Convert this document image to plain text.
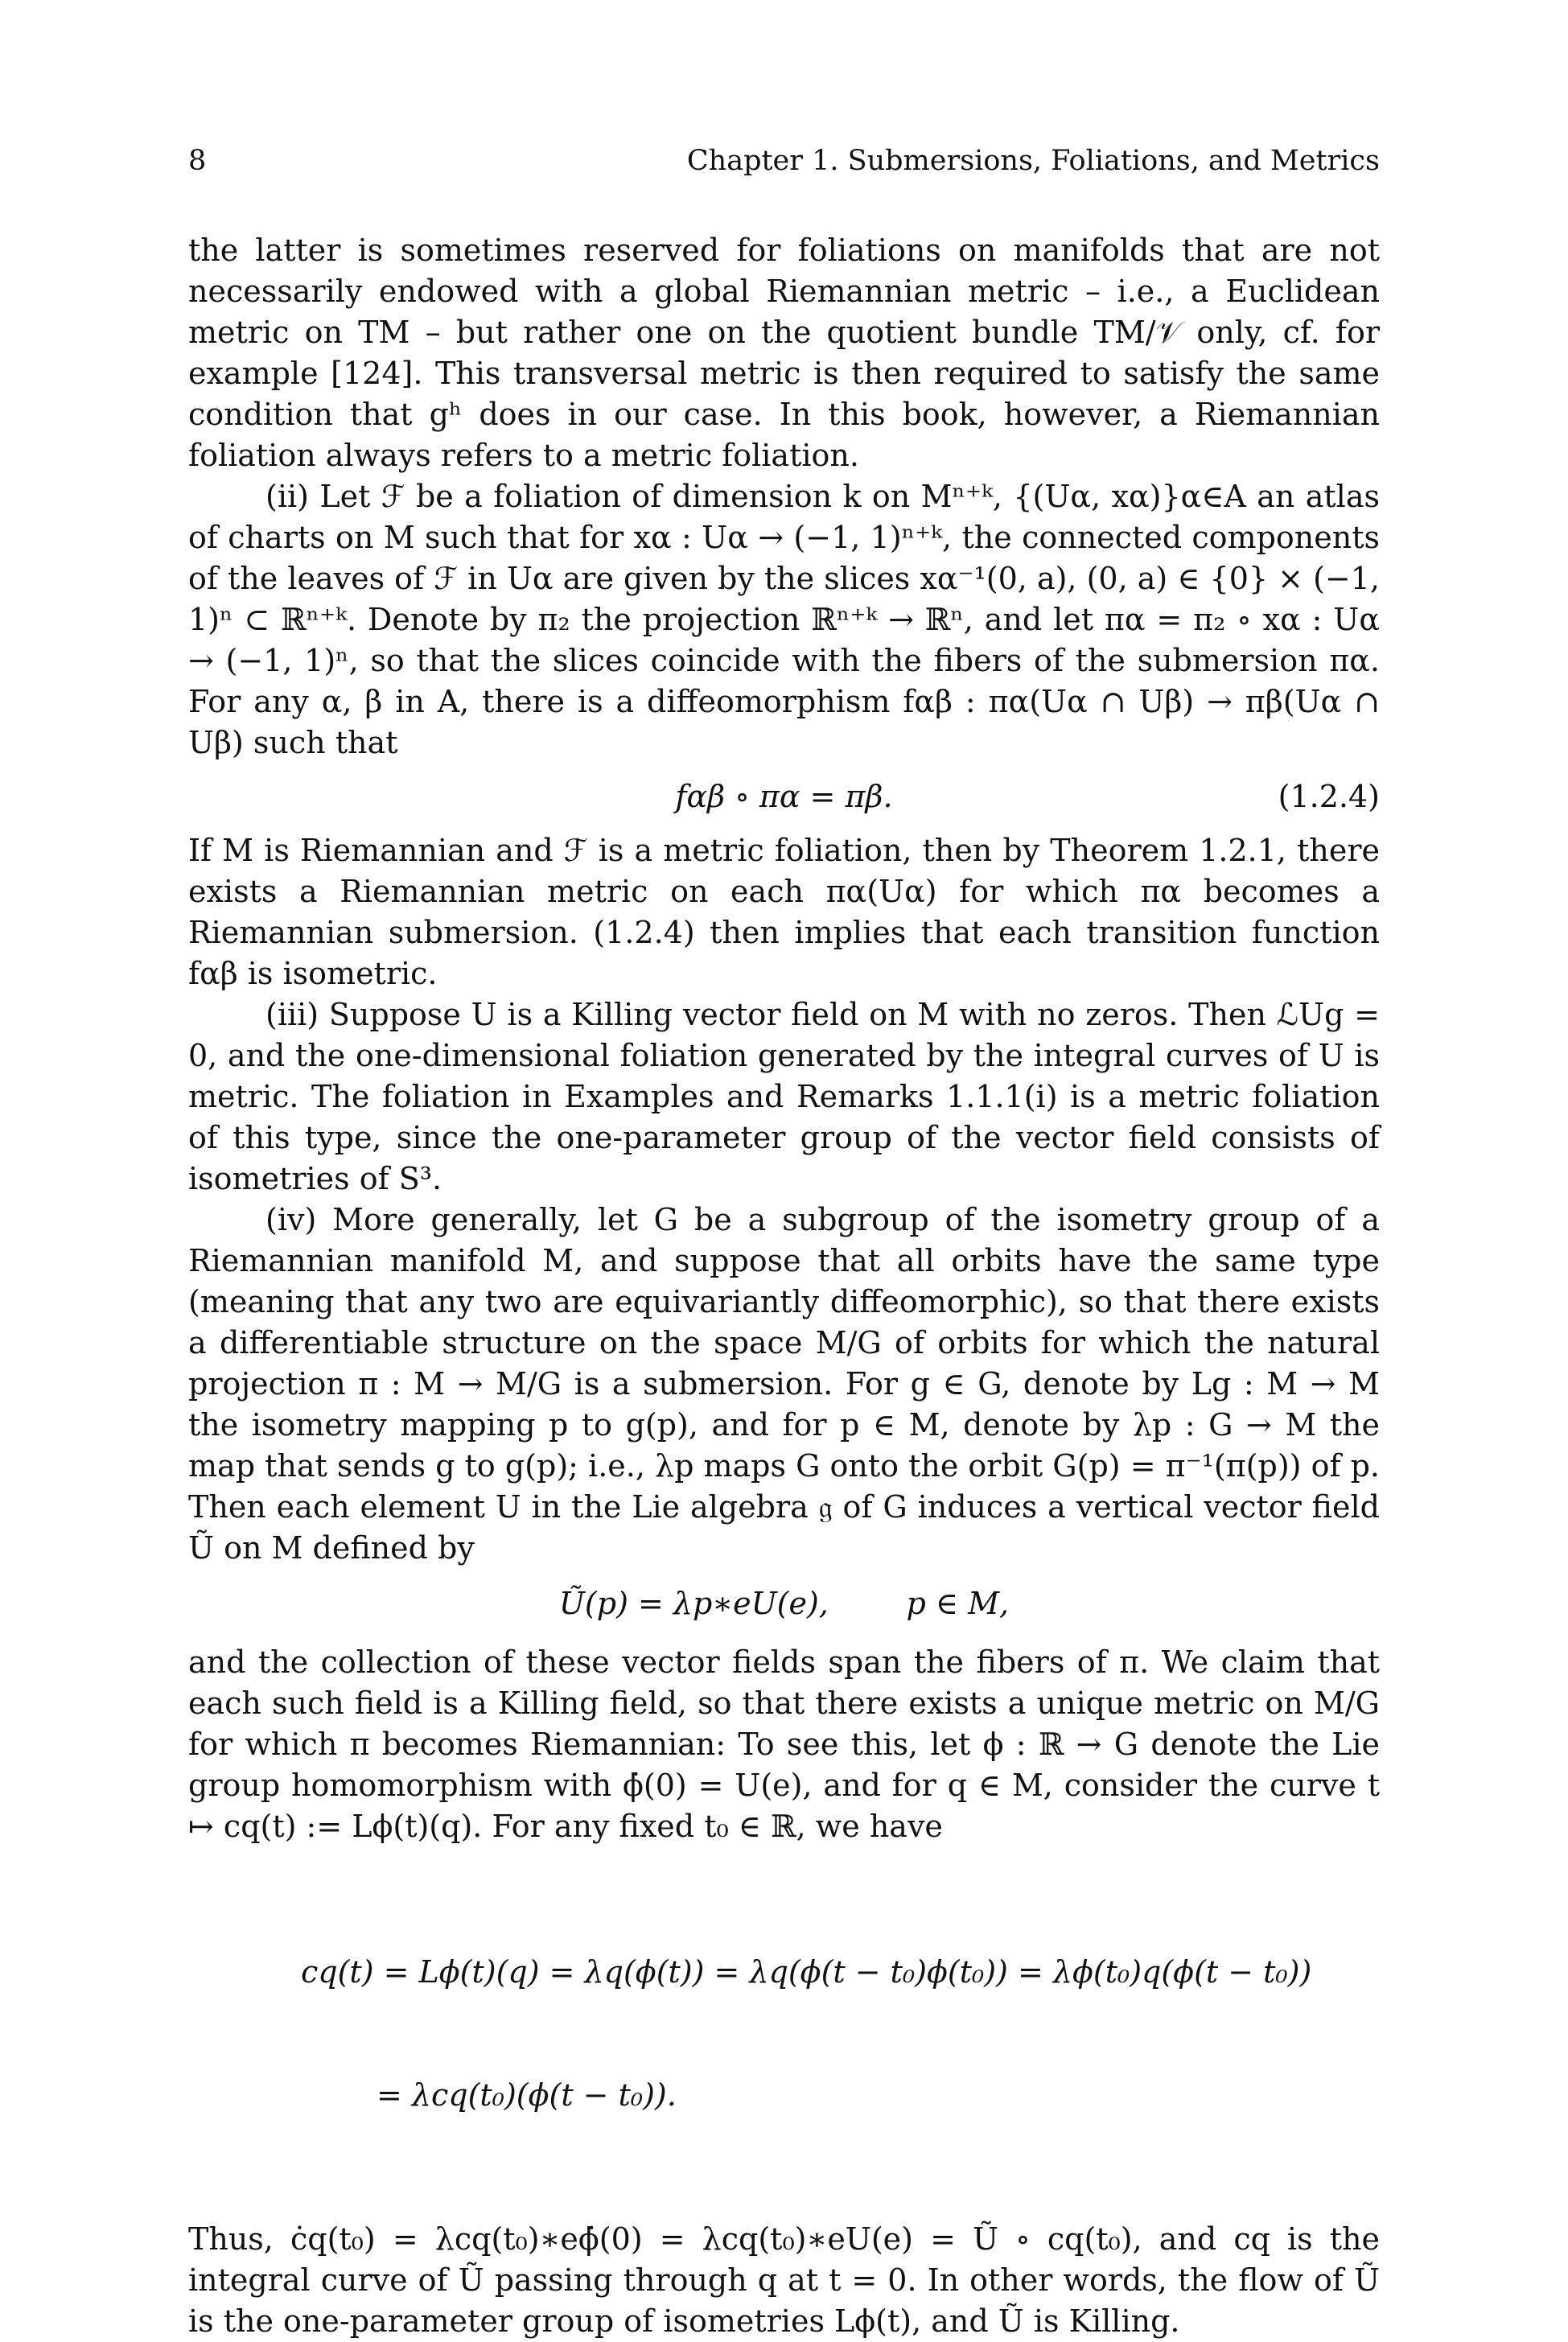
8	Chapter 1. Submersions, Foliations, and Metrics

the latter is sometimes reserved for foliations on manifolds that are not necessarily endowed with a global Riemannian metric – i.e., a Euclidean metric on TM – but rather one on the quotient bundle TM/𝒱 only, cf. for example [124]. This transversal metric is then required to satisfy the same condition that gʰ does in our case. In this book, however, a Riemannian foliation always refers to a metric foliation.

(ii) Let ℱ be a foliation of dimension k on Mⁿ⁺ᵏ, {(Uα, xα)}α∈A an atlas of charts on M such that for xα : Uα → (−1, 1)ⁿ⁺ᵏ, the connected components of the leaves of ℱ in Uα are given by the slices xα⁻¹(0, a), (0, a) ∈ {0} × (−1, 1)ⁿ ⊂ ℝⁿ⁺ᵏ. Denote by π₂ the projection ℝⁿ⁺ᵏ → ℝⁿ, and let πα = π₂ ∘ xα : Uα → (−1, 1)ⁿ, so that the slices coincide with the fibers of the submersion πα. For any α, β in A, there is a diffeomorphism fαβ : πα(Uα ∩ Uβ) → πβ(Uα ∩ Uβ) such that

fαβ ∘ πα = πβ.	(1.2.4)

If M is Riemannian and ℱ is a metric foliation, then by Theorem 1.2.1, there exists a Riemannian metric on each πα(Uα) for which πα becomes a Riemannian submersion. (1.2.4) then implies that each transition function fαβ is isometric.

(iii) Suppose U is a Killing vector field on M with no zeros. Then ℒUg = 0, and the one-dimensional foliation generated by the integral curves of U is metric. The foliation in Examples and Remarks 1.1.1(i) is a metric foliation of this type, since the one-parameter group of the vector field consists of isometries of S³.

(iv) More generally, let G be a subgroup of the isometry group of a Riemannian manifold M, and suppose that all orbits have the same type (meaning that any two are equivariantly diffeomorphic), so that there exists a differentiable structure on the space M/G of orbits for which the natural projection π : M → M/G is a submersion. For g ∈ G, denote by Lg : M → M the isometry mapping p to g(p), and for p ∈ M, denote by λp : G → M the map that sends g to g(p); i.e., λp maps G onto the orbit G(p) = π⁻¹(π(p)) of p. Then each element U in the Lie algebra 𝔤 of G induces a vertical vector field Ũ on M defined by

Ũ(p) = λp∗eU(e),        p ∈ M,

and the collection of these vector fields span the fibers of π. We claim that each such field is a Killing field, so that there exists a unique metric on M/G for which π becomes Riemannian: To see this, let ϕ : ℝ → G denote the Lie group homomorphism with ϕ̇(0) = U(e), and for q ∈ M, consider the curve t ↦ cq(t) := Lϕ(t)(q). For any fixed t₀ ∈ ℝ, we have

cq(t) = Lϕ(t)(q) = λq(ϕ(t)) = λq(ϕ(t − t₀)ϕ(t₀)) = λϕ(t₀)q(ϕ(t − t₀))

= λcq(t₀)(ϕ(t − t₀)).

Thus, ċq(t₀) = λcq(t₀)∗eϕ̇(0) = λcq(t₀)∗eU(e) = Ũ ∘ cq(t₀), and cq is the integral curve of Ũ passing through q at t = 0. In other words, the flow of Ũ is the one-parameter group of isometries Lϕ(t), and Ũ is Killing.
